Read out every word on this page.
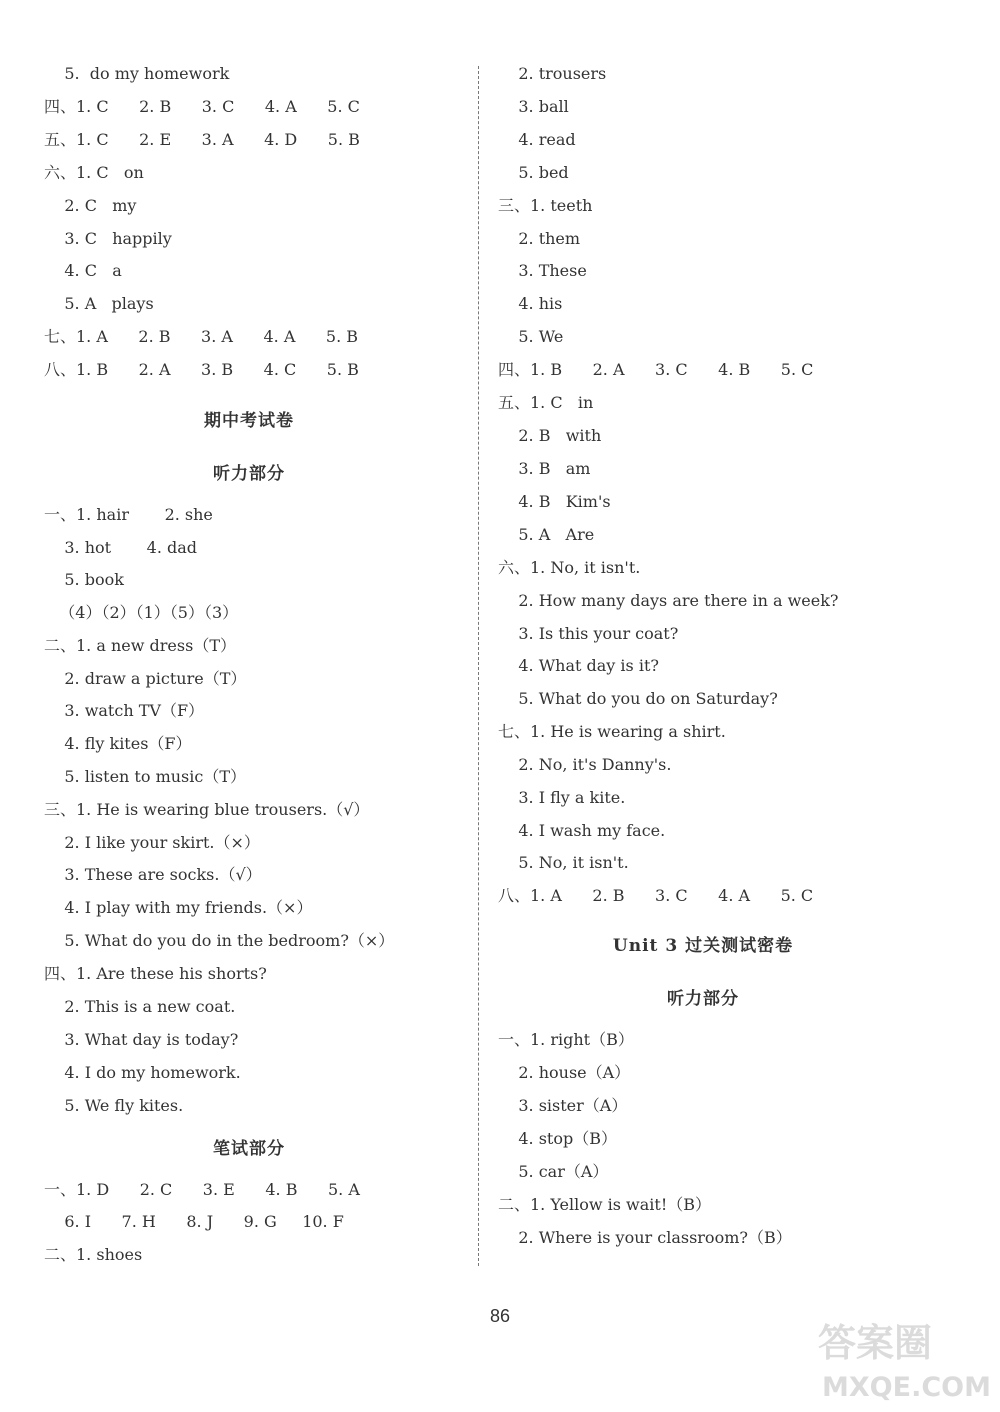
5.  do my homework
四、1. C      2. B      3. C      4. A      5. C
五、1. C      2. E      3. A      4. D      5. B
六、1. C   on
2. C   my
3. C   happily
4. C   a
5. A   plays
七、1. A      2. B      3. A      4. A      5. B
八、1. B      2. A      3. B      4. C      5. B
期中考试卷
听力部分
一、1. hair       2. she
3. hot       4. dad
5. book
（4）（2）（1）（5）（3）
二、1. a new dress（T）
2. draw a picture（T）
3. watch TV（F）
4. fly kites（F）
5. listen to music（T）
三、1. He is wearing blue trousers.（√）
2. I like your skirt.（×）
3. These are socks.（√）
4. I play with my friends.（×）
5. What do you do in the bedroom?（×）
四、1. Are these his shorts?
2. This is a new coat.
3. What day is today?
4. I do my homework.
5. We fly kites.
笔试部分
一、1. D      2. C      3. E      4. B      5. A
6. I      7. H      8. J      9. G     10. F
二、1. shoes
2. trousers
3. ball
4. read
5. bed
三、1. teeth
2. them
3. These
4. his
5. We
四、1. B      2. A      3. C      4. B      5. C
五、1. C   in
2. B   with
3. B   am
4. B   Kim's
5. A   Are
六、1. No, it isn't.
2. How many days are there in a week?
3. Is this your coat?
4. What day is it?
5. What do you do on Saturday?
七、1. He is wearing a shirt.
2. No, it's Danny's.
3. I fly a kite.
4. I wash my face.
5. No, it isn't.
八、1. A      2. B      3. C      4. A      5. C
Unit 3 过关测试密卷
听力部分
一、1. right（B）
2. house（A）
3. sister（A）
4. stop（B）
5. car（A）
二、1. Yellow is wait!（B）
2. Where is your classroom?（B）
86
答案圈
MXQE.COM
